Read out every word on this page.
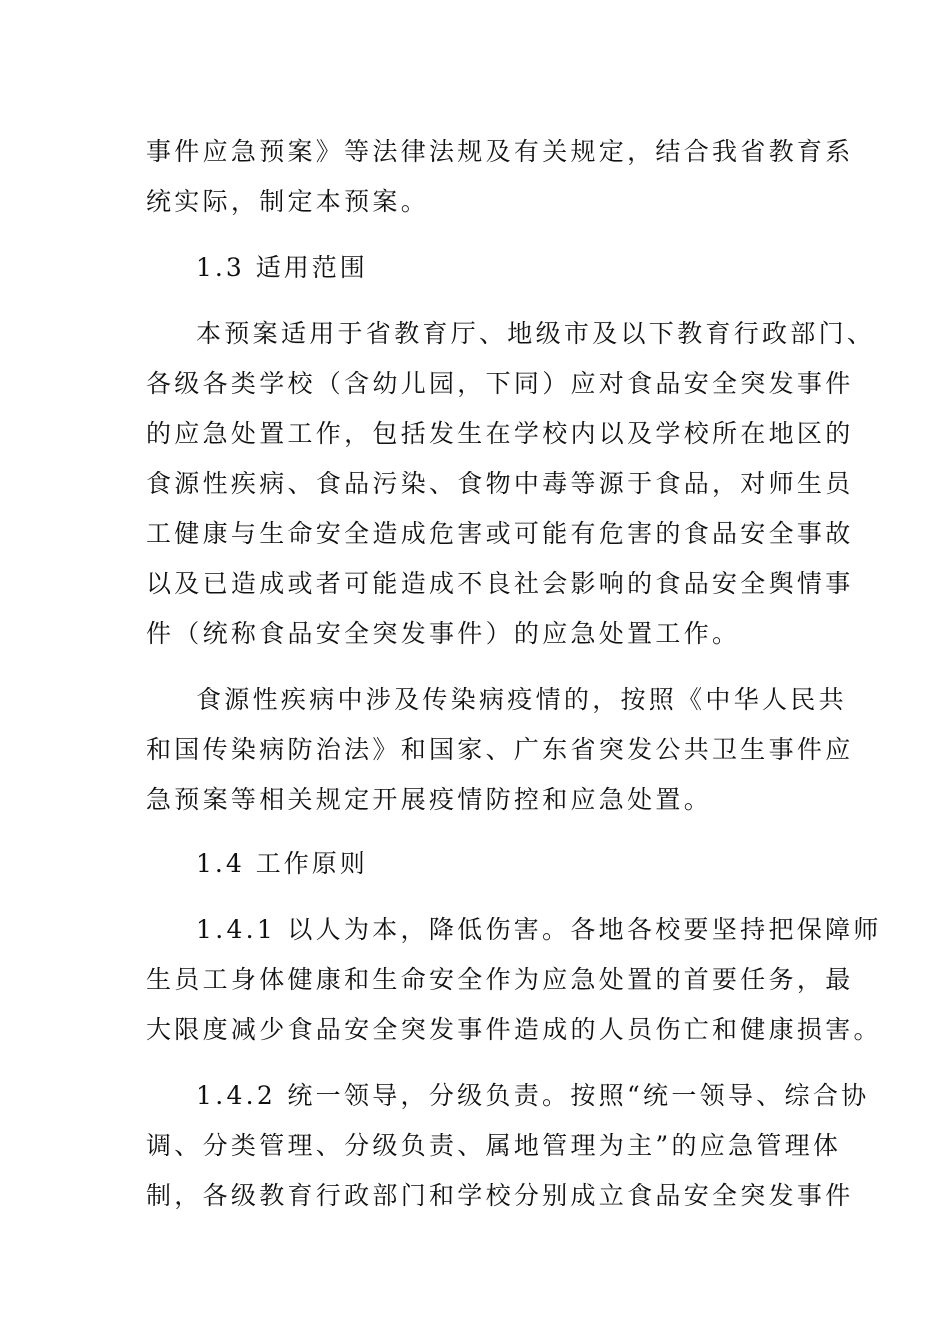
事件应急预案》等法律法规及有关规定，结合我省教育系
统实际，制定本预案。
1.3 适用范围
本预案适用于省教育厅、地级市及以下教育行政部门、
各级各类学校（含幼儿园，下同）应对食品安全突发事件
的应急处置工作，包括发生在学校内以及学校所在地区的
食源性疾病、食品污染、食物中毒等源于食品，对师生员
工健康与生命安全造成危害或可能有危害的食品安全事故
以及已造成或者可能造成不良社会影响的食品安全舆情事
件（统称食品安全突发事件）的应急处置工作。
食源性疾病中涉及传染病疫情的，按照《中华人民共
和国传染病防治法》和国家、广东省突发公共卫生事件应
急预案等相关规定开展疫情防控和应急处置。
1.4 工作原则
1.4.1 以人为本，降低伤害。各地各校要坚持把保障师
生员工身体健康和生命安全作为应急处置的首要任务，最
大限度减少食品安全突发事件造成的人员伤亡和健康损害。
1.4.2 统一领导，分级负责。按照“统一领导、综合协
调、分类管理、分级负责、属地管理为主”的应急管理体
制，各级教育行政部门和学校分别成立食品安全突发事件
